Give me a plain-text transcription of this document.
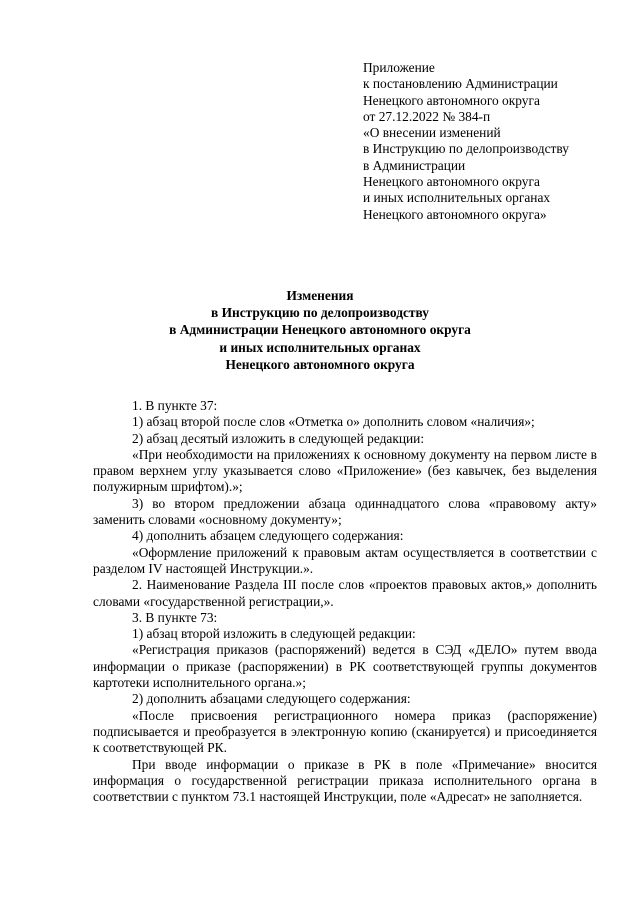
Приложение
к постановлению Администрации
Ненецкого автономного округа
от 27.12.2022 № 384-п
«О внесении изменений
в Инструкцию по делопроизводству
в Администрации
Ненецкого автономного округа
и иных исполнительных органах
Ненецкого автономного округа»
Изменения
в Инструкцию по делопроизводству
в Администрации Ненецкого автономного округа
и иных исполнительных органах
Ненецкого автономного округа

1. В пункте 37:

1) абзац второй после слов «Отметка о» дополнить словом «наличия»;

2) абзац десятый изложить в следующей редакции:

«При необходимости на приложениях к основному документу на первом листе в правом верхнем углу указывается слово «Приложение» (без кавычек, без выделения полужирным шрифтом).»;

3) во втором предложении абзаца одиннадцатого слова «правовому акту» заменить словами «основному документу»;

4) дополнить абзацем следующего содержания:

«Оформление приложений к правовым актам осуществляется в соответствии с разделом IV настоящей Инструкции.».

2. Наименование Раздела III после слов «проектов правовых актов,» дополнить словами «государственной регистрации,».

3. В пункте 73:

1) абзац второй изложить в следующей редакции:

«Регистрация приказов (распоряжений) ведется в СЭД «ДЕЛО» путем ввода информации о приказе (распоряжении) в РК соответствующей группы документов картотеки исполнительного органа.»;

2) дополнить абзацами следующего содержания:

«После присвоения регистрационного номера приказ (распоряжение) подписывается и преобразуется в электронную копию (сканируется) и присоединяется к соответствующей РК.

При вводе информации о приказе в РК в поле «Примечание» вносится информация о государственной регистрации приказа исполнительного органа в соответствии с пунктом 73.1 настоящей Инструкции, поле «Адресат» не заполняется.
